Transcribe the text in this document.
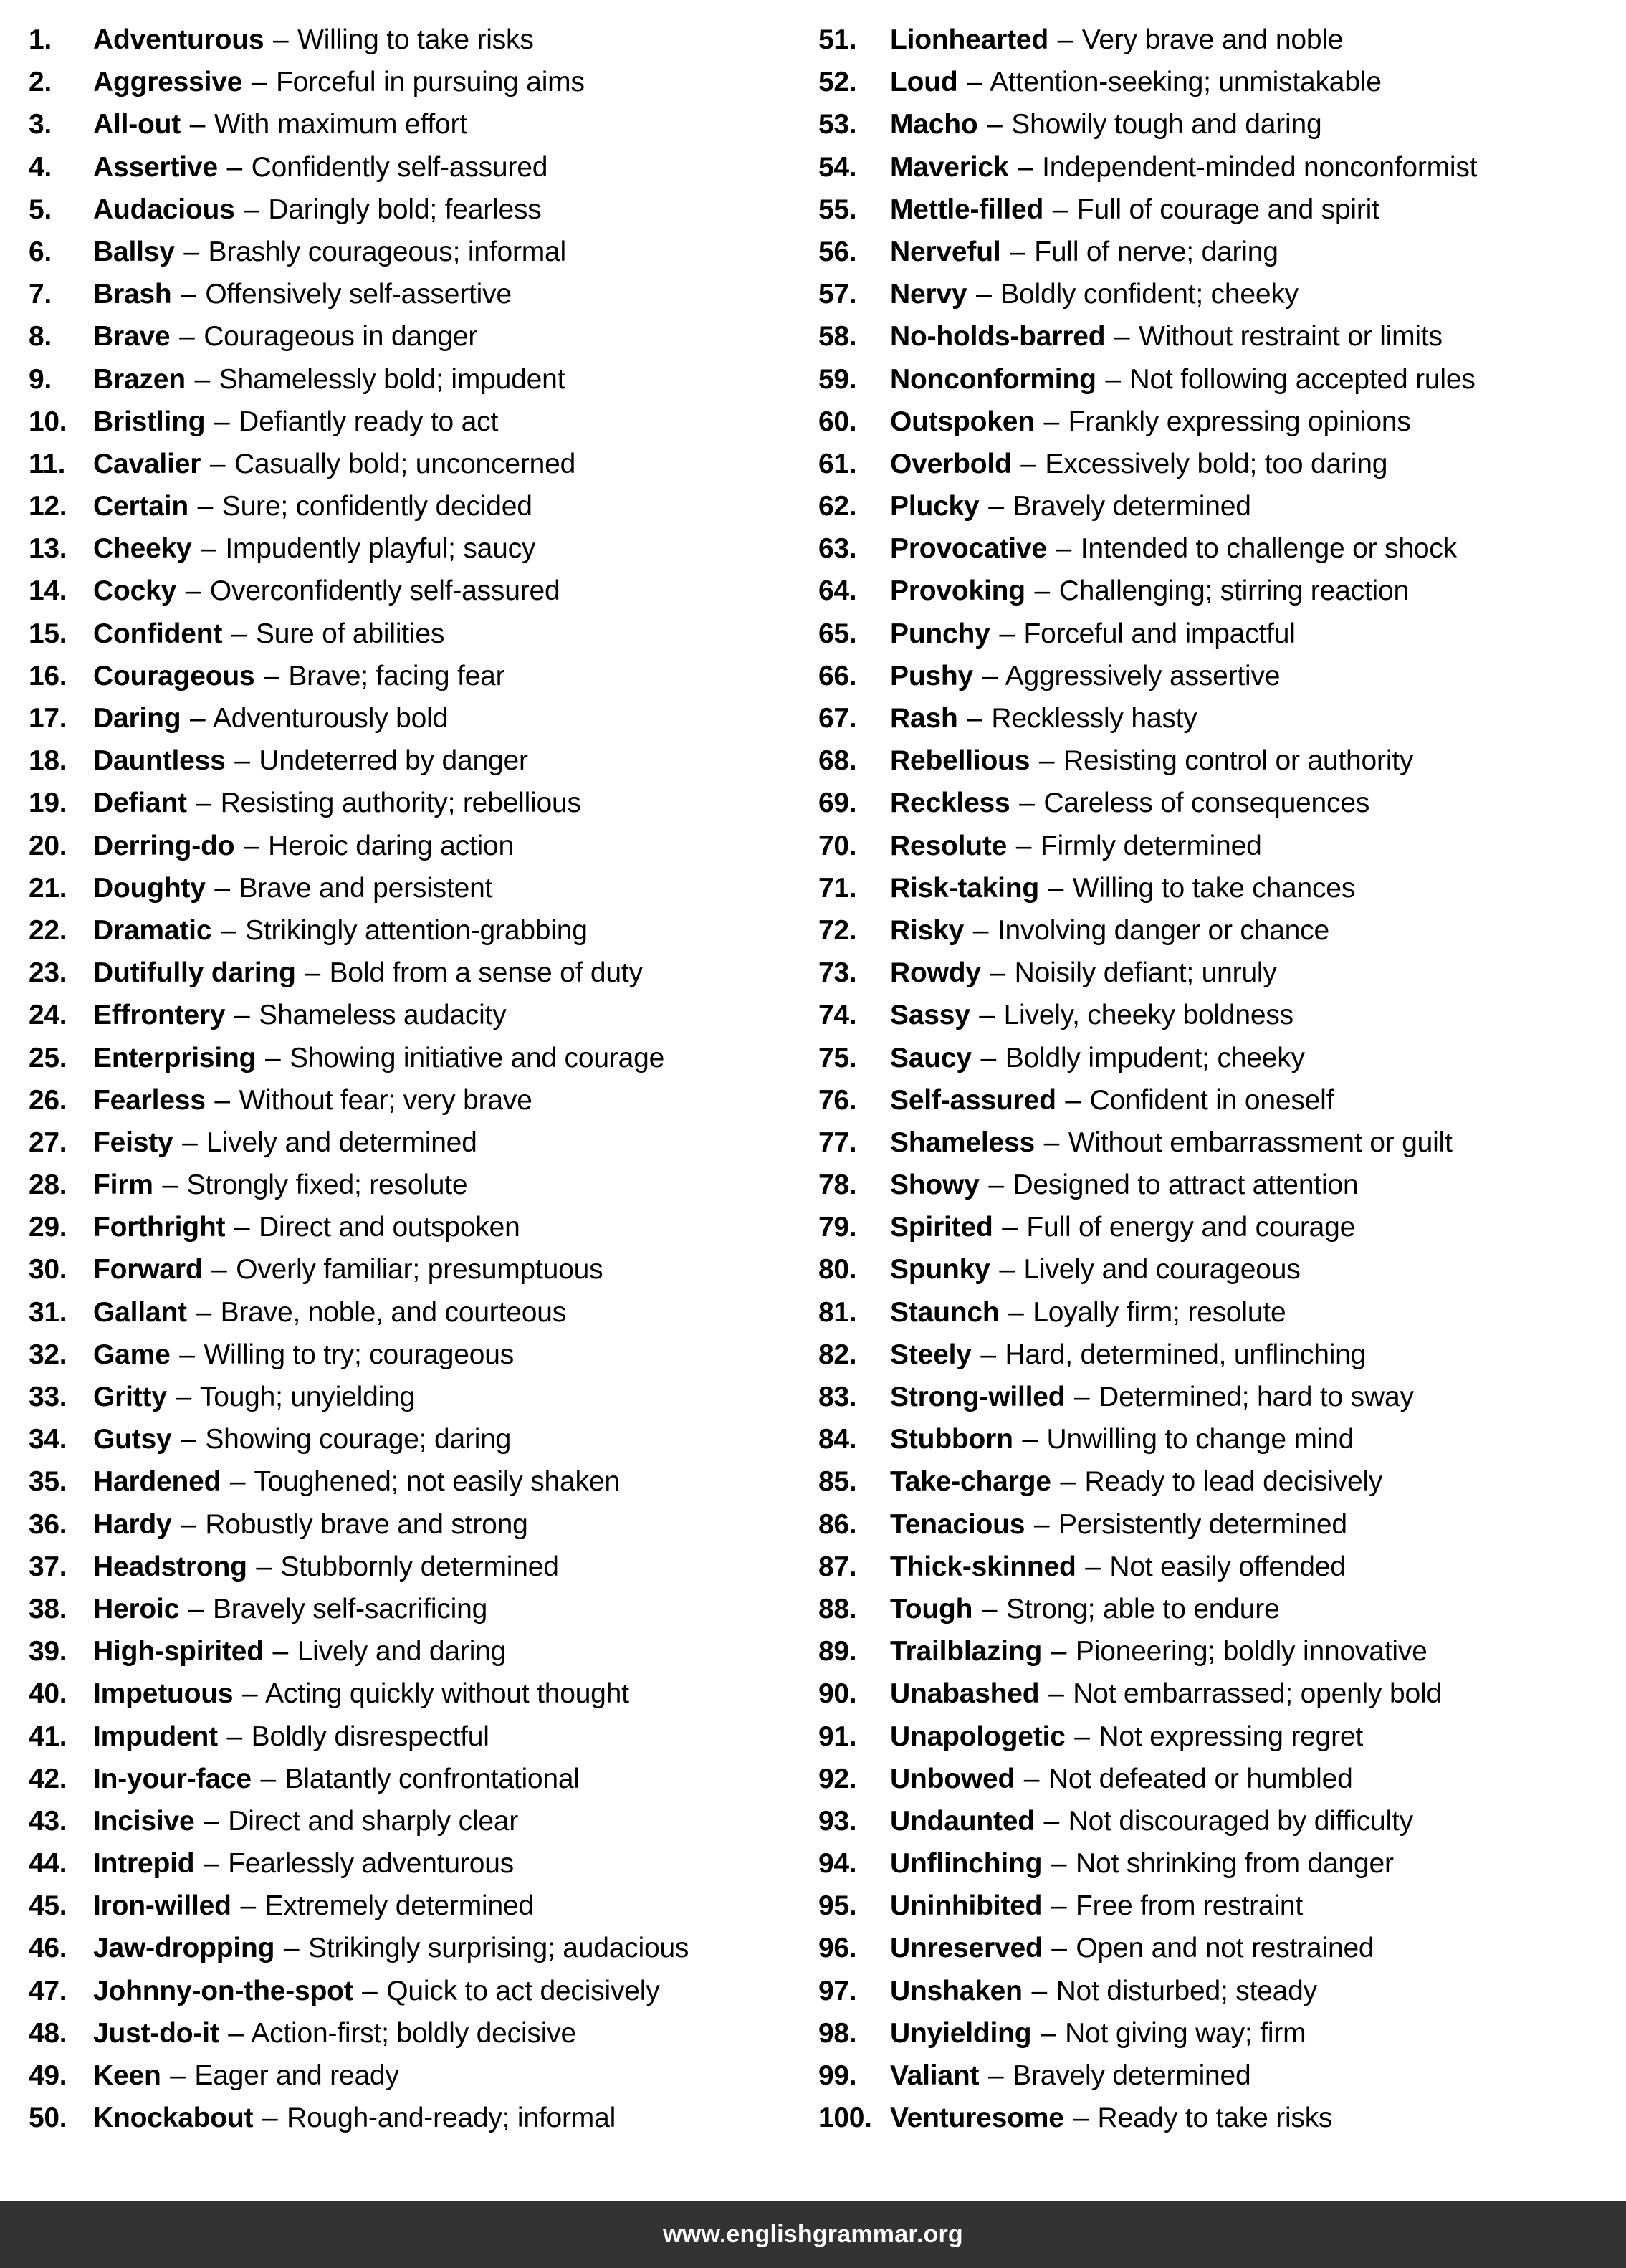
1.	Adventurous – Willing to take risks
2.	Aggressive – Forceful in pursuing aims
3.	All-out – With maximum effort
4.	Assertive – Confidently self-assured
5.	Audacious – Daringly bold; fearless
6.	Ballsy – Brashly courageous; informal
7.	Brash – Offensively self-assertive
8.	Brave – Courageous in danger
9.	Brazen – Shamelessly bold; impudent
10. Bristling – Defiantly ready to act
11. Cavalier – Casually bold; unconcerned
12. Certain – Sure; confidently decided
13. Cheeky – Impudently playful; saucy
14. Cocky – Overconfidently self-assured
15. Confident – Sure of abilities
16. Courageous – Brave; facing fear
17. Daring – Adventurously bold
18. Dauntless – Undeterred by danger
19. Defiant – Resisting authority; rebellious
20. Derring-do – Heroic daring action
21. Doughty – Brave and persistent
22. Dramatic – Strikingly attention-grabbing
23. Dutifully daring – Bold from a sense of duty
24. Effrontery – Shameless audacity
25. Enterprising – Showing initiative and courage
26. Fearless – Without fear; very brave
27. Feisty – Lively and determined
28. Firm – Strongly fixed; resolute
29. Forthright – Direct and outspoken
30. Forward – Overly familiar; presumptuous
31. Gallant – Brave, noble, and courteous
32. Game – Willing to try; courageous
33. Gritty – Tough; unyielding
34. Gutsy – Showing courage; daring
35. Hardened – Toughened; not easily shaken
36. Hardy – Robustly brave and strong
37. Headstrong – Stubbornly determined
38. Heroic – Bravely self-sacrificing
39. High-spirited – Lively and daring
40. Impetuous – Acting quickly without thought
41. Impudent – Boldly disrespectful
42. In-your-face – Blatantly confrontational
43. Incisive – Direct and sharply clear
44. Intrepid – Fearlessly adventurous
45. Iron-willed – Extremely determined
46. Jaw-dropping – Strikingly surprising; audacious
47. Johnny-on-the-spot – Quick to act decisively
48. Just-do-it – Action-first; boldly decisive
49. Keen – Eager and ready
50. Knockabout – Rough-and-ready; informal
51.	Lionhearted – Very brave and noble
52.	Loud – Attention-seeking; unmistakable
53.	Macho – Showily tough and daring
54.	Maverick – Independent-minded nonconformist
55.	Mettle-filled – Full of courage and spirit
56.	Nerveful – Full of nerve; daring
57.	Nervy – Boldly confident; cheeky
58.	No-holds-barred – Without restraint or limits
59.	Nonconforming – Not following accepted rules
60.	Outspoken – Frankly expressing opinions
61.	Overbold – Excessively bold; too daring
62.	Plucky – Bravely determined
63.	Provocative – Intended to challenge or shock
64.	Provoking – Challenging; stirring reaction
65.	Punchy – Forceful and impactful
66.	Pushy – Aggressively assertive
67.	Rash – Recklessly hasty
68.	Rebellious – Resisting control or authority
69.	Reckless – Careless of consequences
70.	Resolute – Firmly determined
71.	Risk-taking – Willing to take chances
72.	Risky – Involving danger or chance
73.	Rowdy – Noisily defiant; unruly
74.	Sassy – Lively, cheeky boldness
75.	Saucy – Boldly impudent; cheeky
76.	Self-assured – Confident in oneself
77.	Shameless – Without embarrassment or guilt
78.	Showy – Designed to attract attention
79.	Spirited – Full of energy and courage
80.	Spunky – Lively and courageous
81.	Staunch – Loyally firm; resolute
82.	Steely – Hard, determined, unflinching
83.	Strong-willed – Determined; hard to sway
84.	Stubborn – Unwilling to change mind
85.	Take-charge – Ready to lead decisively
86.	Tenacious – Persistently determined
87.	Thick-skinned – Not easily offended
88.	Tough – Strong; able to endure
89.	Trailblazing – Pioneering; boldly innovative
90.	Unabashed – Not embarrassed; openly bold
91.	Unapologetic – Not expressing regret
92.	Unbowed – Not defeated or humbled
93.	Undaunted – Not discouraged by difficulty
94.	Unflinching – Not shrinking from danger
95.	Uninhibited – Free from restraint
96.	Unreserved – Open and not restrained
97.	Unshaken – Not disturbed; steady
98.	Unyielding – Not giving way; firm
99.	Valiant – Bravely determined
100. Venturesome – Ready to take risks
www.englishgrammar.org
